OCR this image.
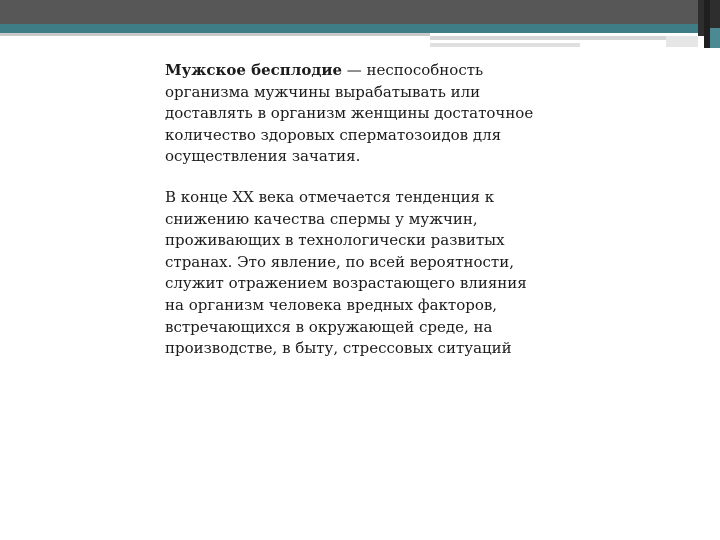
Мужское бесплодие — неспособность организма мужчины вырабатывать или доставлять в организм женщины достаточное количество здоровых сперматозоидов для осуществления зачатия.

В конце XX века отмечается тенденция к снижению качества спермы у мужчин, проживающих в технологически развитых странах. Это явление, по всей вероятности, служит отражением возрастающего влияния на организм человека вредных факторов, встречающихся в окружающей среде, на производстве, в быту, стрессовых ситуаций
